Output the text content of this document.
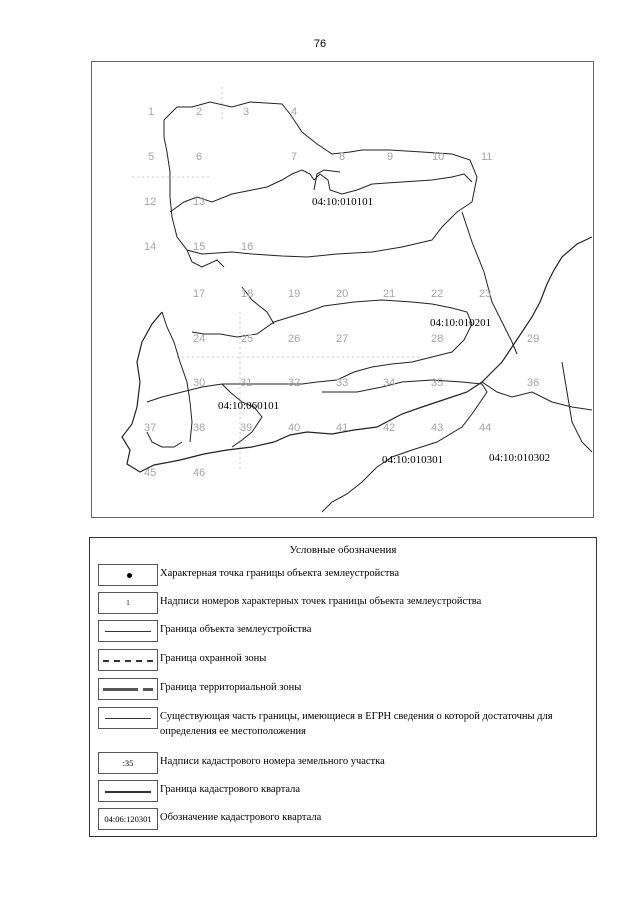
76
1	2	3	4
5	6	7	8	9	10	11
12	13
14	15	16
17	18	19	20	21	22	23
24	25	26	27	28	29
30	31	32	33	34	35	36
37	38	39	40	41	42	43	44
45	46
04:10:010101
04:10:010201
04:10:060101
04:10:010301	04:10:010302
Условные обозначения
Характерная точка границы объекта землеустройства
1	Надписи номеров характерных точек границы объекта землеустройства
Граница объекта землеустройства
Граница охранной зоны
Граница территориальной зоны
Существующая часть границы, имеющиеся в ЕГРН сведения о которой достаточны для определения ее местоположения
:35	Надписи кадастрового номера земельного участка
Граница кадастрового квартала
04:06:120301 Обозначение кадастрового квартала
